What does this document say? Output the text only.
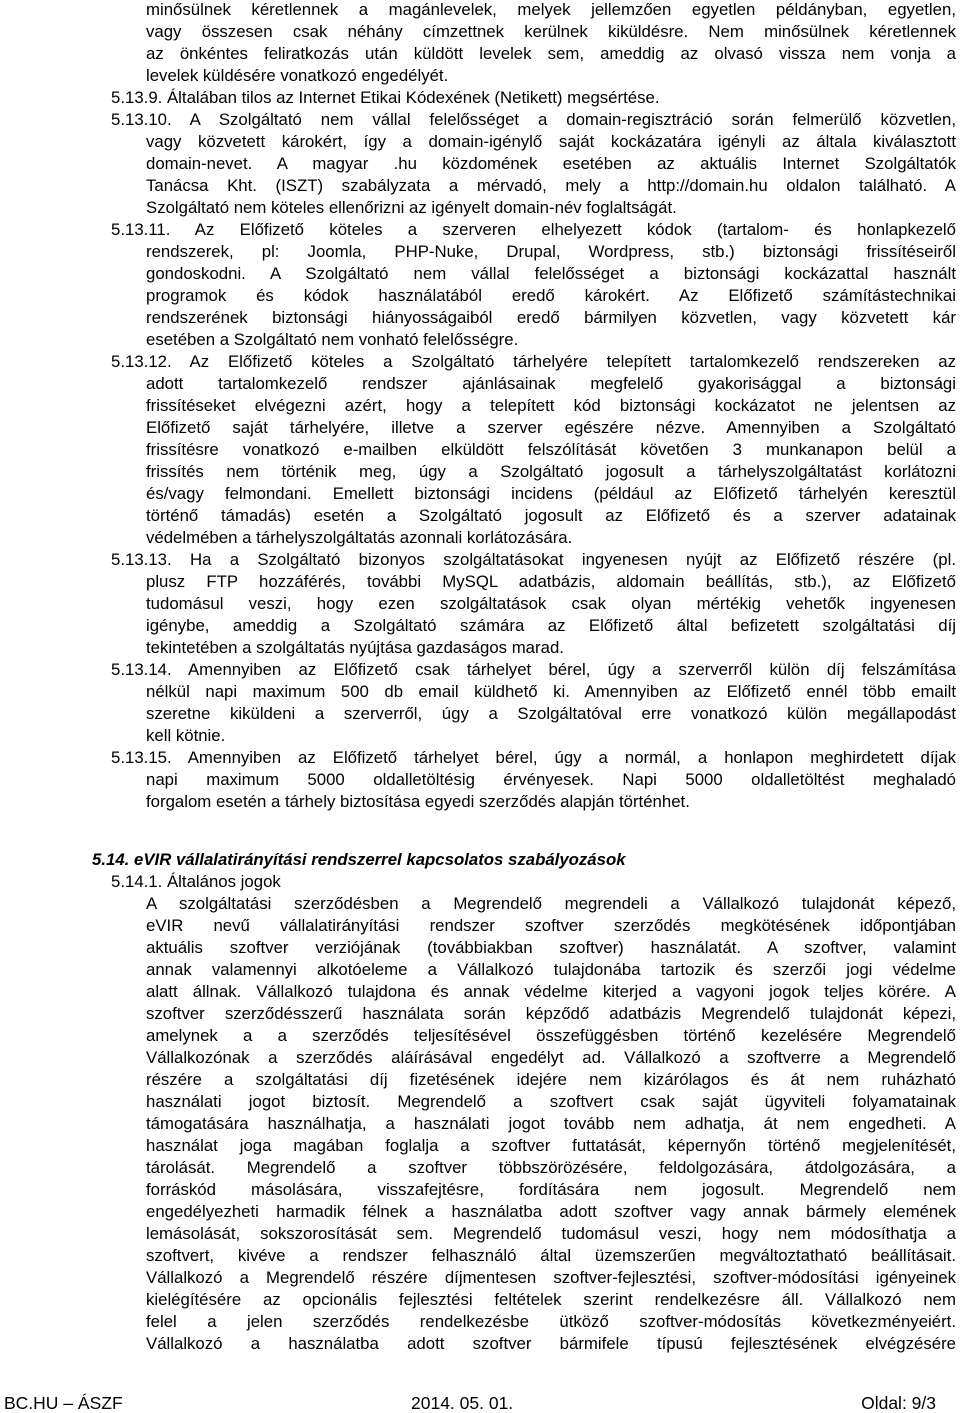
minősülnek kéretlennek a magánlevelek, melyek jellemzően egyetlen példányban, egyetlen,
vagy összesen csak néhány címzettnek kerülnek kiküldésre. Nem minősülnek kéretlennek
az önkéntes feliratkozás után küldött levelek sem, ameddig az olvasó vissza nem vonja a
levelek küldésére vonatkozó engedélyét.
5.13.9. Általában tilos az Internet Etikai Kódexének (Netikett) megsértése.
5.13.10. A Szolgáltató nem vállal felelősséget a domain-regisztráció során felmerülő közvetlen,
vagy közvetett károkért, így a domain-igénylő saját kockázatára igényli az általa kiválasztott
domain-nevet. A magyar .hu közdomének esetében az aktuális Internet Szolgáltatók
Tanácsa Kht. (ISZT) szabályzata a mérvadó, mely a http://domain.hu oldalon található. A
Szolgáltató nem köteles ellenőrizni az igényelt domain-név foglaltságát.
5.13.11. Az Előfizető köteles a szerveren elhelyezett kódok (tartalom- és honlapkezelő
rendszerek, pl: Joomla, PHP-Nuke, Drupal, Wordpress, stb.) biztonsági frissítéseiről
gondoskodni. A Szolgáltató nem vállal felelősséget a biztonsági kockázattal használt
programok és kódok használatából eredő károkért. Az Előfizető számítástechnikai
rendszerének biztonsági hiányosságaiból eredő bármilyen közvetlen, vagy közvetett kár
esetében a Szolgáltató nem vonható felelősségre.
5.13.12. Az Előfizető köteles a Szolgáltató tárhelyére telepített tartalomkezelő rendszereken az
adott tartalomkezelő rendszer ajánlásainak megfelelő gyakorisággal a biztonsági
frissítéseket elvégezni azért, hogy a telepített kód biztonsági kockázatot ne jelentsen az
Előfizető saját tárhelyére, illetve a szerver egészére nézve. Amennyiben a Szolgáltató
frissítésre vonatkozó e-mailben elküldött felszólítását követően 3 munkanapon belül a
frissítés nem történik meg, úgy a Szolgáltató jogosult a tárhelyszolgáltatást korlátozni
és/vagy felmondani. Emellett biztonsági incidens (például az Előfizető tárhelyén keresztül
történő támadás) esetén a Szolgáltató jogosult az Előfizető és a szerver adatainak
védelmében a tárhelyszolgáltatás azonnali korlátozására.
5.13.13. Ha a Szolgáltató bizonyos szolgáltatásokat ingyenesen nyújt az Előfizető részére (pl.
plusz FTP hozzáférés, további MySQL adatbázis, aldomain beállítás, stb.), az Előfizető
tudomásul veszi, hogy ezen szolgáltatások csak olyan mértékig vehetők ingyenesen
igénybe, ameddig a Szolgáltató számára az Előfizető által befizetett szolgáltatási díj
tekintetében a szolgáltatás nyújtása gazdaságos marad.
5.13.14. Amennyiben az Előfizető csak tárhelyet bérel, úgy a szerverről külön díj felszámítása
nélkül napi maximum 500 db email küldhető ki. Amennyiben az Előfizető ennél több emailt
szeretne kiküldeni a szerverről, úgy a Szolgáltatóval erre vonatkozó külön megállapodást
kell kötnie.
5.13.15. Amennyiben az Előfizető tárhelyet bérel, úgy a normál, a honlapon meghirdetett díjak
napi maximum 5000 oldalletöltésig érvényesek. Napi 5000 oldalletöltést meghaladó
forgalom esetén a tárhely biztosítása egyedi szerződés alapján történhet.
A szolgáltatási szerződésben a Megrendelő megrendeli a Vállalkozó tulajdonát képező,
eVIR nevű vállalatirányítási rendszer szoftver szerződés megkötésének időpontjában
aktuális szoftver verziójának (továbbiakban szoftver) használatát. A szoftver, valamint
annak valamennyi alkotóeleme a Vállalkozó tulajdonába tartozik és szerzői jogi védelme
alatt állnak. Vállalkozó tulajdona és annak védelme kiterjed a vagyoni jogok teljes körére. A
szoftver szerződésszerű használata során képződő adatbázis Megrendelő tulajdonát képezi,
amelynek a a szerződés teljesítésével összefüggésben történő kezelésére Megrendelő
Vállalkozónak a szerződés aláírásával engedélyt ad. Vállalkozó a szoftverre a Megrendelő
részére a szolgáltatási díj fizetésének idejére nem kizárólagos és át nem ruházható
használati jogot biztosít. Megrendelő a szoftvert csak saját ügyviteli folyamatainak
támogatására használhatja, a használati jogot tovább nem adhatja, át nem engedheti. A
használat joga magában foglalja a szoftver futtatását, képernyőn történő megjelenítését,
tárolását. Megrendelő a szoftver többszörözésére, feldolgozására, átdolgozására, a
forráskód másolására, visszafejtésre, fordítására nem jogosult. Megrendelő nem
engedélyezheti harmadik félnek a használatba adott szoftver vagy annak bármely elemének
lemásolását, sokszorosítását sem. Megrendelő tudomásul veszi, hogy nem módosíthatja a
szoftvert, kivéve a rendszer felhasználó által üzemszerűen megváltoztatható beállításait.
Vállalkozó a Megrendelő részére díjmentesen szoftver-fejlesztési, szoftver-módosítási igényeinek
kielégítésére az opcionális fejlesztési feltételek szerint rendelkezésre áll. Vállalkozó nem
felel a jelen szerződés rendelkezésbe ütköző szoftver-módosítás következményeiért.
Vállalkozó a használatba adott szoftver bármifele típusú fejlesztésének elvégzésére
5.14. eVIR vállalatirányítási rendszerrel kapcsolatos szabályozások
5.14.1. Általános jogok
BC.HU – ÁSZF	2014. 05. 01.	Oldal: 9/3
